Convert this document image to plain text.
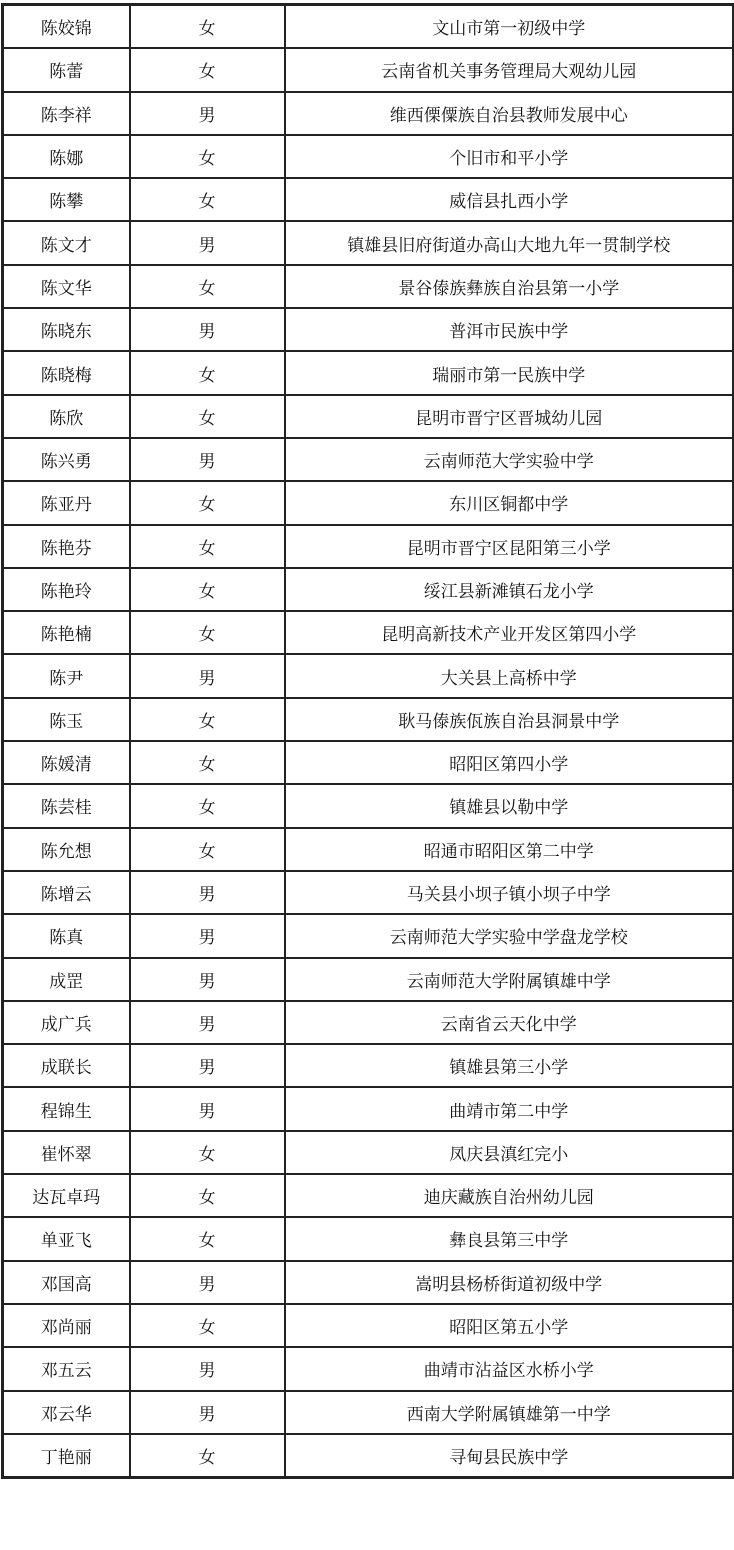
陈姣锦	女	文山市第一初级中学
陈蕾	女	云南省机关事务管理局大观幼儿园
陈李祥	男	维西傈僳族自治县教师发展中心
陈娜	女	个旧市和平小学
陈攀	女	威信县扎西小学
陈文才	男	镇雄县旧府街道办高山大地九年一贯制学校
陈文华	女	景谷傣族彝族自治县第一小学
陈晓东	男	普洱市民族中学
陈晓梅	女	瑞丽市第一民族中学
陈欣	女	昆明市晋宁区晋城幼儿园
陈兴勇	男	云南师范大学实验中学
陈亚丹	女	东川区铜都中学
陈艳芬	女	昆明市晋宁区昆阳第三小学
陈艳玲	女	绥江县新滩镇石龙小学
陈艳楠	女	昆明高新技术产业开发区第四小学
陈尹	男	大关县上高桥中学
陈玉	女	耿马傣族佤族自治县洞景中学
陈媛清	女	昭阳区第四小学
陈芸桂	女	镇雄县以勒中学
陈允想	女	昭通市昭阳区第二中学
陈增云	男	马关县小坝子镇小坝子中学
陈真	男	云南师范大学实验中学盘龙学校
成罡	男	云南师范大学附属镇雄中学
成广兵	男	云南省云天化中学
成联长	男	镇雄县第三小学
程锦生	男	曲靖市第二中学
崔怀翠	女	凤庆县滇红完小
达瓦卓玛	女	迪庆藏族自治州幼儿园
单亚飞	女	彝良县第三中学
邓国高	男	嵩明县杨桥街道初级中学
邓尚丽	女	昭阳区第五小学
邓五云	男	曲靖市沾益区水桥小学
邓云华	男	西南大学附属镇雄第一中学
丁艳丽	女	寻甸县民族中学
